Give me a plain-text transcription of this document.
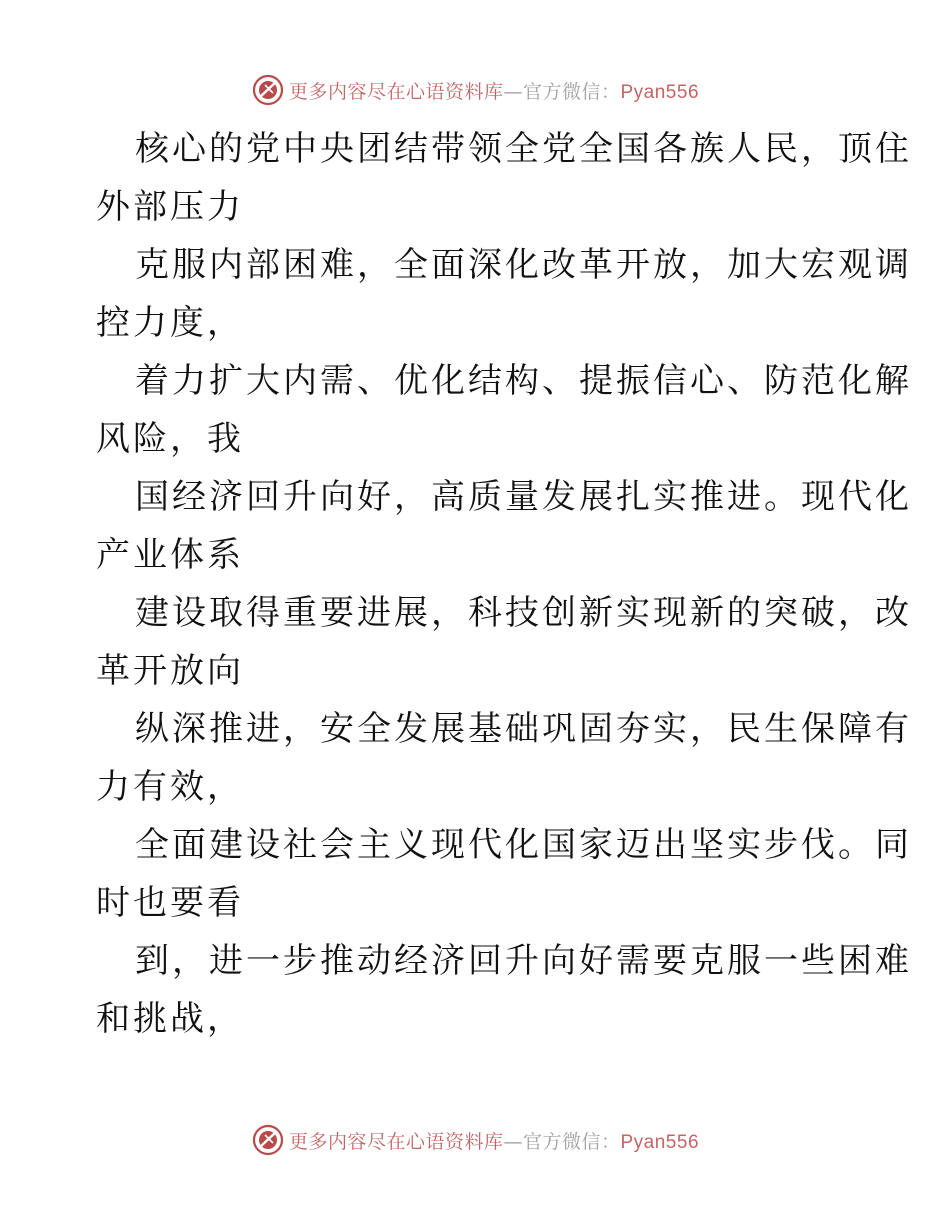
更多内容尽在心语资料库—官方微信：Pyan556
核心的党中央团结带领全党全国各族人民，顶住
外部压力
克服内部困难，全面深化改革开放，加大宏观调
控力度，
着力扩大内需、优化结构、提振信心、防范化解
风险，我
国经济回升向好，高质量发展扎实推进。现代化
产业体系
建设取得重要进展，科技创新实现新的突破，改
革开放向
纵深推进，安全发展基础巩固夯实，民生保障有
力有效，
全面建设社会主义现代化国家迈出坚实步伐。同
时也要看
到，进一步推动经济回升向好需要克服一些困难
和挑战，
更多内容尽在心语资料库—官方微信：Pyan556
